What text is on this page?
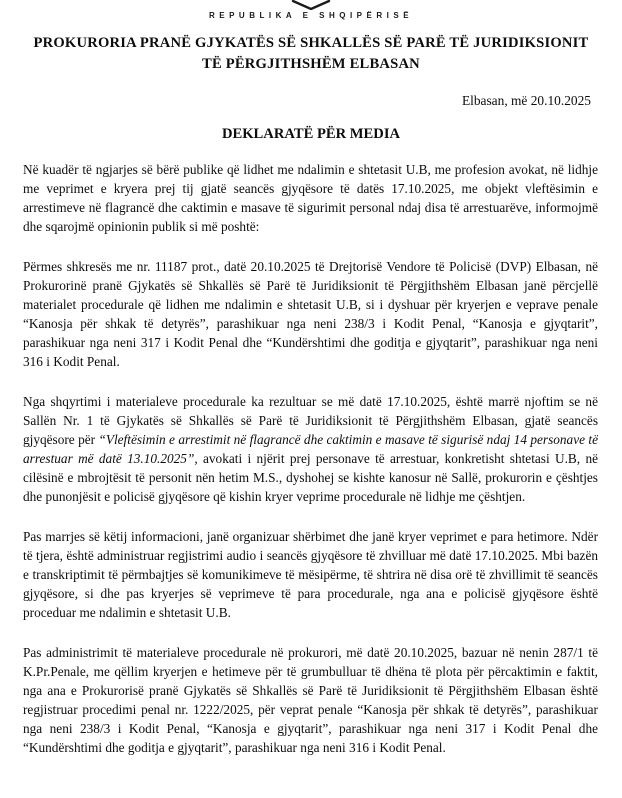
REPUBLIKA E SHQIPËRISË
PROKURORIA PRANË GJYKATËS SË SHKALLËS SË PARË TË JURIDIKSIONIT
TË PËRGJITHSHËM ELBASAN
Elbasan, më 20.10.2025
DEKLARATË PËR MEDIA

Në kuadër të ngjarjes së bërë publike që lidhet me ndalimin e shtetasit U.B, me profesion avokat, në lidhje me veprimet e kryera prej tij gjatë seancës gjyqësore të datës 17.10.2025, me objekt vleftësimin e arrestimeve në flagrancë dhe caktimin e masave të sigurimit personal ndaj disa të arrestuarëve, informojmë dhe sqarojmë opinionin publik si më poshtë:

Përmes shkresës me nr. 11187 prot., datë 20.10.2025 të Drejtorisë Vendore të Policisë (DVP) Elbasan, në Prokurorinë pranë Gjykatës së Shkallës së Parë të Juridiksionit të Përgjithshëm Elbasan janë përcjellë materialet procedurale që lidhen me ndalimin e shtetasit U.B, si i dyshuar për kryerjen e veprave penale “Kanosja për shkak të detyrës”, parashikuar nga neni 238/3 i Kodit Penal, “Kanosja e gjyqtarit”, parashikuar nga neni 317 i Kodit Penal dhe “Kundërshtimi dhe goditja e gjyqtarit”, parashikuar nga neni 316 i Kodit Penal.

Nga shqyrtimi i materialeve procedurale ka rezultuar se më datë 17.10.2025, është marrë njoftim se në Sallën Nr. 1 të Gjykatës së Shkallës së Parë të Juridiksionit të Përgjithshëm Elbasan, gjatë seancës gjyqësore për “Vleftësimin e arrestimit në flagrancë dhe caktimin e masave të sigurisë ndaj 14 personave të arrestuar më datë 13.10.2025”, avokati i njërit prej personave të arrestuar, konkretisht shtetasi U.B, në cilësinë e mbrojtësit të personit nën hetim M.S., dyshohej se kishte kanosur në Sallë, prokurorin e çështjes dhe punonjësit e policisë gjyqësore që kishin kryer veprime procedurale në lidhje me çështjen.

Pas marrjes së këtij informacioni, janë organizuar shërbimet dhe janë kryer veprimet e para hetimore. Ndër të tjera, është administruar regjistrimi audio i seancës gjyqësore të zhvilluar më datë 17.10.2025. Mbi bazën e transkriptimit të përmbajtjes së komunikimeve të mësipërme, të shtrira në disa orë të zhvillimit të seancës gjyqësore, si dhe pas kryerjes së veprimeve të para procedurale, nga ana e policisë gjyqësore është proceduar me ndalimin e shtetasit U.B.

Pas administrimit të materialeve procedurale në prokurori, më datë 20.10.2025, bazuar në nenin 287/1 të K.Pr.Penale, me qëllim kryerjen e hetimeve për të grumbulluar të dhëna të plota për përcaktimin e faktit, nga ana e Prokurorisë pranë Gjykatës së Shkallës së Parë të Juridiksionit të Përgjithshëm Elbasan është regjistruar procedimi penal nr. 1222/2025, për veprat penale “Kanosja për shkak të detyrës”, parashikuar nga neni 238/3 i Kodit Penal, “Kanosja e gjyqtarit”, parashikuar nga neni 317 i Kodit Penal dhe “Kundërshtimi dhe goditja e gjyqtarit”, parashikuar nga neni 316 i Kodit Penal.
